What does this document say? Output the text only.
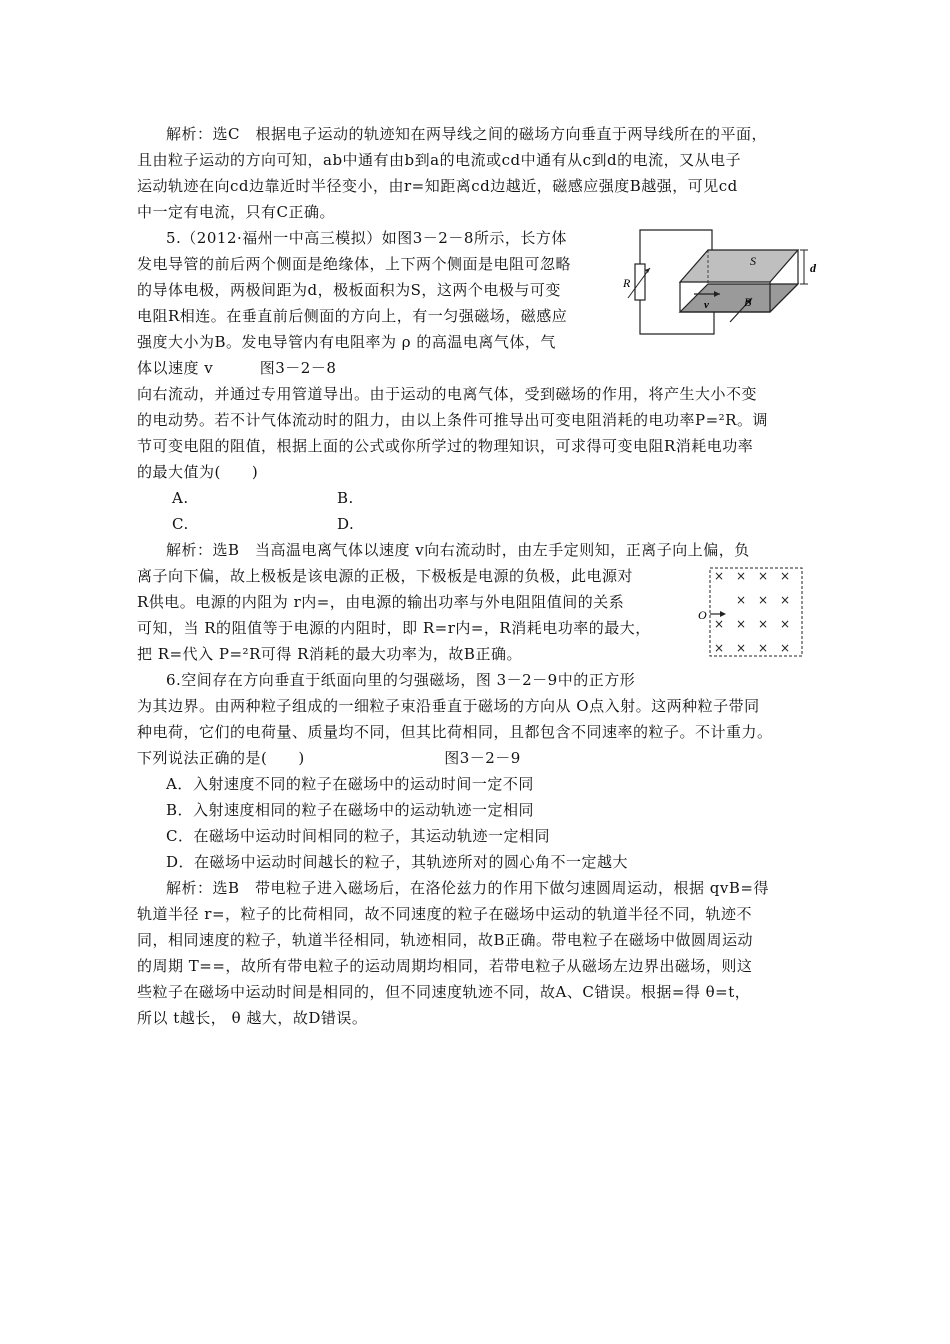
解析：选C　根据电子运动的轨迹知在两导线之间的磁场方向垂直于两导线所在的平面，
且由粒子运动的方向可知，ab中通有由b到a的电流或cd中通有从c到d的电流，又从电子
运动轨迹在向cd边靠近时半径变小，由r=知距离cd边越近，磁感应强度B越强，可见cd
中一定有电流，只有C正确。
5.（2012·福州一中高三模拟）如图3－2－8所示，长方体
发电导管的前后两个侧面是绝缘体，上下两个侧面是电阻可忽略
的导体电极，两极间距为d，极板面积为S，这两个电极与可变
电阻R相连。在垂直前后侧面的方向上，有一匀强磁场，磁感应
强度大小为B。发电导管内有电阻率为 ρ 的高温电离气体，气
体以速度 v　　　图3－2－8
向右流动，并通过专用管道导出。由于运动的电离气体，受到磁场的作用，将产生大小不变
的电动势。若不计气体流动时的阻力，由以上条件可推导出可变电阻消耗的电功率P=²R。调
节可变电阻的阻值，根据上面的公式或你所学过的物理知识，可求得可变电阻R消耗电功率
的最大值为(　　)
A.	B.
C.	D.
R
S	d
v	B
解析：选B　当高温电离气体以速度 v向右流动时，由左手定则知，正离子向上偏，负
离子向下偏，故上极板是该电源的正极，下极板是电源的负极，此电源对
R供电。电源的内阻为 r内=，由电源的输出功率与外电阻阻值间的关系
可知，当 R的阻值等于电源的内阻时，即 R=r内=，R消耗电功率的最大，
把 R=代入 P=²R可得 R消耗的最大功率为，故B正确。
× × × ×
× × ×
× × × ×
× × × ×
O
6.空间存在方向垂直于纸面向里的匀强磁场，图 3－2－9中的正方形
为其边界。由两种粒子组成的一细粒子束沿垂直于磁场的方向从 O点入射。这两种粒子带同
种电荷，它们的电荷量、质量均不同，但其比荷相同，且都包含不同速率的粒子。不计重力。
下列说法正确的是(　　)　　　　　　　　　图3－2－9
A．入射速度不同的粒子在磁场中的运动时间一定不同
B．入射速度相同的粒子在磁场中的运动轨迹一定相同
C．在磁场中运动时间相同的粒子，其运动轨迹一定相同
D．在磁场中运动时间越长的粒子，其轨迹所对的圆心角不一定越大
解析：选B　带电粒子进入磁场后，在洛伦兹力的作用下做匀速圆周运动，根据 qvB=得
轨道半径 r=，粒子的比荷相同，故不同速度的粒子在磁场中运动的轨道半径不同，轨迹不
同，相同速度的粒子，轨道半径相同，轨迹相同，故B正确。带电粒子在磁场中做圆周运动
的周期 T==，故所有带电粒子的运动周期均相同，若带电粒子从磁场左边界出磁场，则这
些粒子在磁场中运动时间是相同的，但不同速度轨迹不同，故A、C错误。根据=得 θ=t，
所以 t越长， θ 越大，故D错误。
